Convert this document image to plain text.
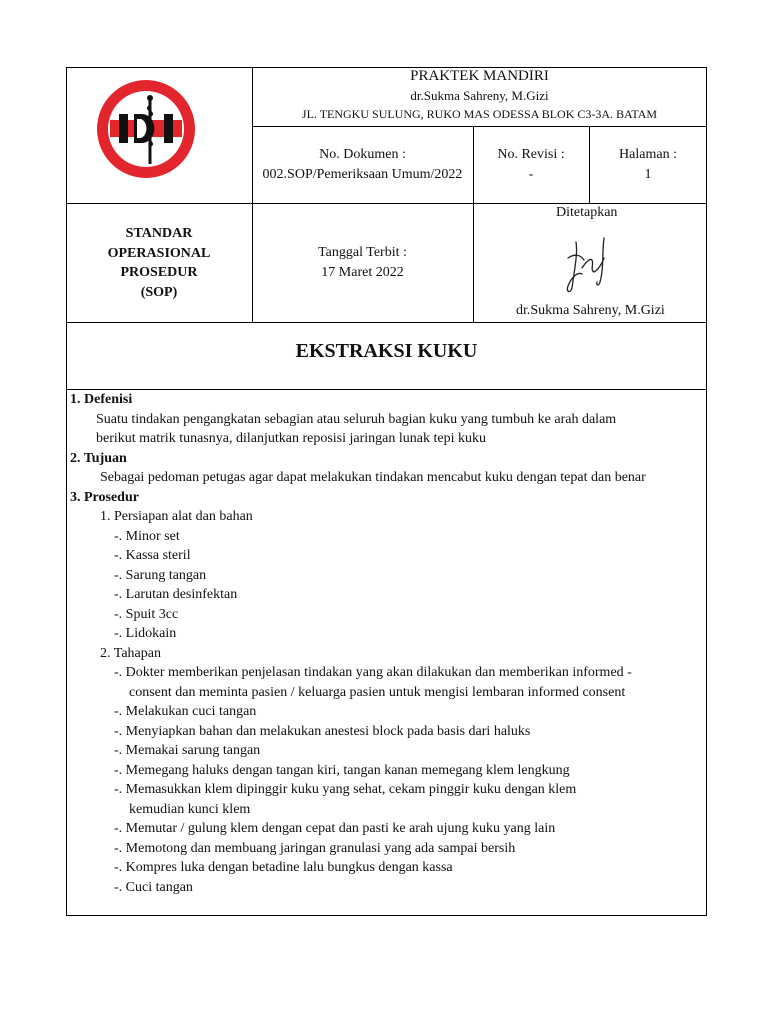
PRAKTEK MANDIRI
dr.Sukma Sahreny, M.Gizi
JL. TENGKU SULUNG, RUKO MAS ODESSA BLOK C3-3A. BATAM
No. Dokumen :
002.SOP/Pemeriksaan Umum/2022
No. Revisi :
-
Halaman :
1
STANDAR
OPERASIONAL
PROSEDUR
(SOP)
Tanggal Terbit :
17 Maret 2022
Ditetapkan
dr.Sukma Sahreny, M.Gizi
EKSTRAKSI KUKU
1. Defenisi
Suatu tindakan pengangkatan sebagian atau seluruh bagian kuku yang tumbuh ke arah dalam
berikut matrik tunasnya, dilanjutkan reposisi jaringan lunak tepi kuku
2. Tujuan
Sebagai pedoman petugas agar dapat melakukan tindakan mencabut kuku dengan tepat dan benar
3. Prosedur
1. Persiapan alat dan bahan
-. Minor set
-. Kassa steril
-. Sarung tangan
-. Larutan desinfektan
-. Spuit 3cc
-. Lidokain
2. Tahapan
-. Dokter memberikan penjelasan tindakan yang akan dilakukan dan memberikan informed -
consent dan meminta pasien / keluarga pasien untuk mengisi lembaran informed consent
-. Melakukan cuci tangan
-. Menyiapkan bahan dan melakukan anestesi block pada basis dari haluks
-. Memakai sarung tangan
-. Memegang haluks dengan tangan kiri, tangan kanan memegang klem lengkung
-. Memasukkan klem dipinggir kuku yang sehat, cekam pinggir kuku dengan klem
kemudian kunci klem
-. Memutar / gulung klem dengan cepat dan pasti ke arah ujung kuku yang lain
-. Memotong dan membuang jaringan granulasi yang ada sampai bersih
-. Kompres luka dengan betadine lalu bungkus dengan kassa
-. Cuci tangan
